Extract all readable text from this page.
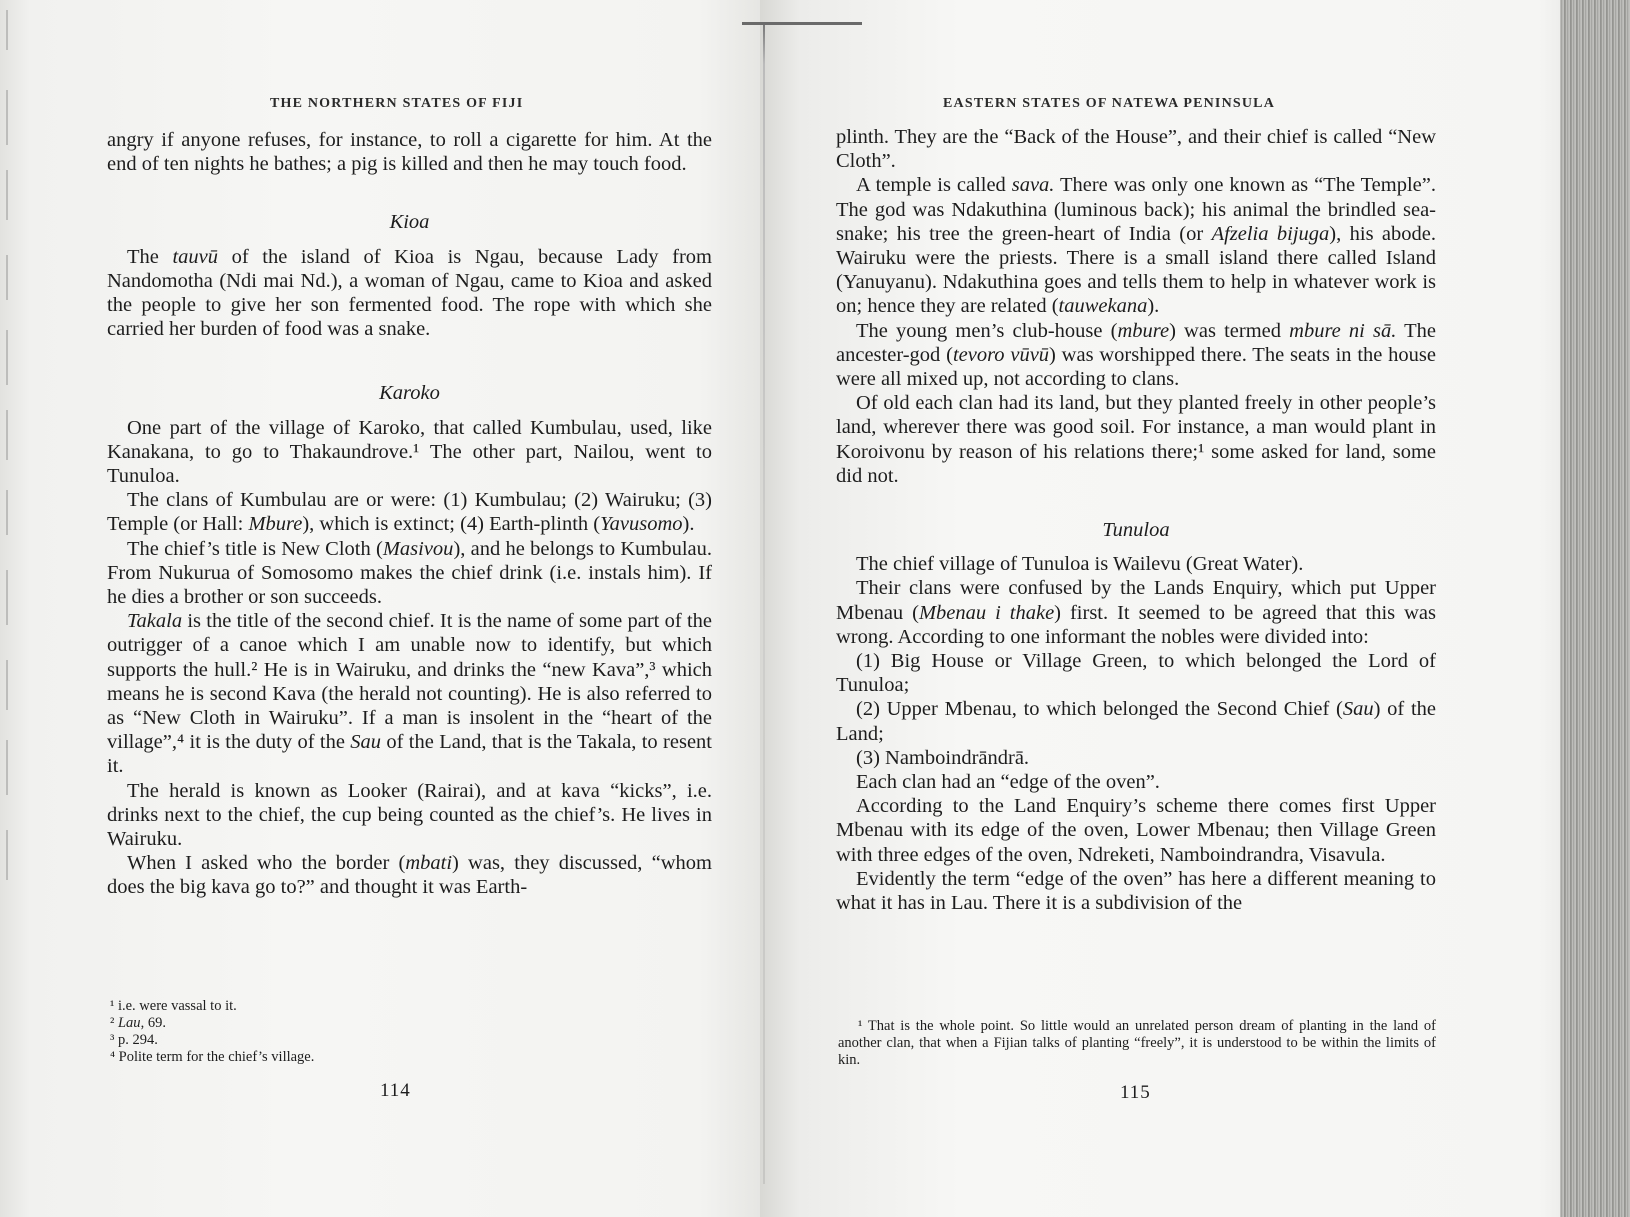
THE NORTHERN STATES OF FIJI

angry if anyone refuses, for instance, to roll a cigarette for him. At the end of ten nights he bathes; a pig is killed and then he may touch food.

Kioa

The tauvū of the island of Kioa is Ngau, because Lady from Nandomotha (Ndi mai Nd.), a woman of Ngau, came to Kioa and asked the people to give her son fermented food. The rope with which she carried her burden of food was a snake.

Karoko

One part of the village of Karoko, that called Kumbulau, used, like Kanakana, to go to Thakaundrove.¹ The other part, Nailou, went to Tunuloa.

The clans of Kumbulau are or were: (1) Kumbulau; (2) Wairuku; (3) Temple (or Hall: Mbure), which is extinct; (4) Earth-plinth (Yavusomo).

The chief’s title is New Cloth (Masivou), and he belongs to Kumbulau. From Nukurua of Somosomo makes the chief drink (i.e. instals him). If he dies a brother or son succeeds.

Takala is the title of the second chief. It is the name of some part of the outrigger of a canoe which I am unable now to identify, but which supports the hull.² He is in Wairuku, and drinks the “new Kava”,³ which means he is second Kava (the herald not counting). He is also referred to as “New Cloth in Wairuku”. If a man is insolent in the “heart of the village”,⁴ it is the duty of the Sau of the Land, that is the Takala, to resent it.

The herald is known as Looker (Rairai), and at kava “kicks”, i.e. drinks next to the chief, the cup being counted as the chief’s. He lives in Wairuku.

When I asked who the border (mbati) was, they discussed, “whom does the big kava go to?” and thought it was Earth-

¹ i.e. were vassal to it.
² Lau, 69.
³ p. 294.
⁴ Polite term for the chief’s village.
114
EASTERN STATES OF NATEWA PENINSULA

plinth. They are the “Back of the House”, and their chief is called “New Cloth”.

A temple is called sava. There was only one known as “The Temple”. The god was Ndakuthina (luminous back); his animal the brindled sea-snake; his tree the green-heart of India (or Afzelia bijuga), his abode. Wairuku were the priests. There is a small island there called Island (Yanuyanu). Ndakuthina goes and tells them to help in whatever work is on; hence they are related (tauwekana).

The young men’s club-house (mbure) was termed mbure ni sā. The ancester-god (tevoro vūvū) was worshipped there. The seats in the house were all mixed up, not according to clans.

Of old each clan had its land, but they planted freely in other people’s land, wherever there was good soil. For instance, a man would plant in Koroivonu by reason of his relations there;¹ some asked for land, some did not.

Tunuloa

The chief village of Tunuloa is Wailevu (Great Water).

Their clans were confused by the Lands Enquiry, which put Upper Mbenau (Mbenau i thake) first. It seemed to be agreed that this was wrong. According to one informant the nobles were divided into:

(1) Big House or Village Green, to which belonged the Lord of Tunuloa;

(2) Upper Mbenau, to which belonged the Second Chief (Sau) of the Land;

(3) Namboindrāndrā.

Each clan had an “edge of the oven”.

According to the Land Enquiry’s scheme there comes first Upper Mbenau with its edge of the oven, Lower Mbenau; then Village Green with three edges of the oven, Ndreketi, Namboindrandra, Visavula.

Evidently the term “edge of the oven” has here a different meaning to what it has in Lau. There it is a subdivision of the

¹ That is the whole point. So little would an unrelated person dream of planting in the land of another clan, that when a Fijian talks of planting “freely”, it is understood to be within the limits of kin.
115
